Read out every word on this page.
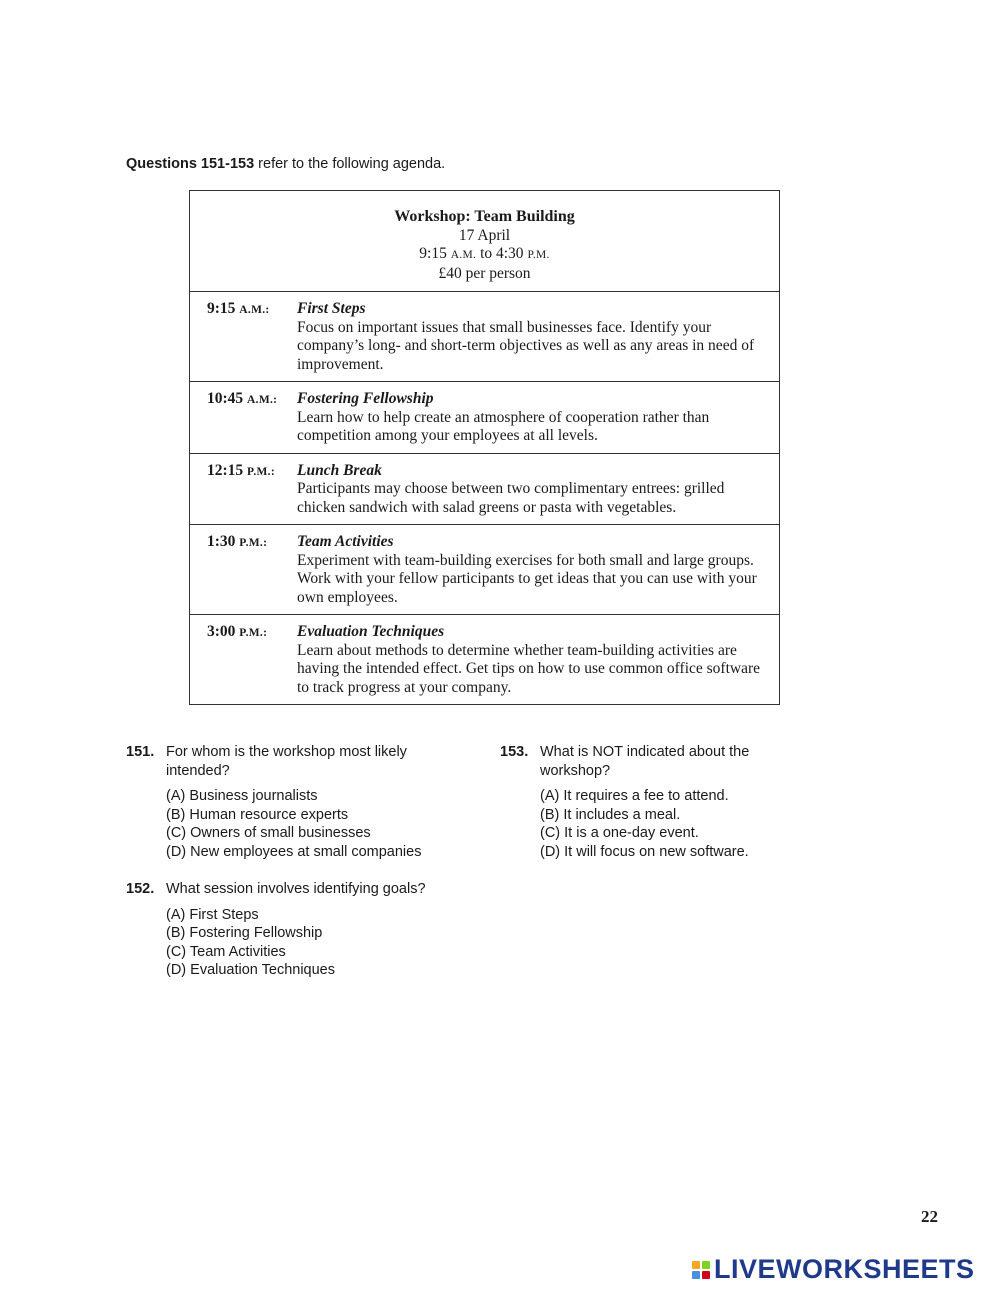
Questions 151-153 refer to the following agenda.
Workshop: Team Building
17 April
9:15 A.M. to 4:30 P.M.
£40 per person
9:15 A.M.:	First Steps
Focus on important issues that small businesses face. Identify your company’s long- and short-term objectives as well as any areas in need of improvement.
10:45 A.M.:	Fostering Fellowship
Learn how to help create an atmosphere of cooperation rather than competition among your employees at all levels.
12:15 P.M.:	Lunch Break
Participants may choose between two complimentary entrees: grilled chicken sandwich with salad greens or pasta with vegetables.
1:30 P.M.:	Team Activities
Experiment with team-building exercises for both small and large groups. Work with your fellow participants to get ideas that you can use with your own employees.
3:00 P.M.:	Evaluation Techniques
Learn about methods to determine whether team-building activities are having the intended effect. Get tips on how to use common office software to track progress at your company.
151. For whom is the workshop most likely intended?
(A) Business journalists
(B) Human resource experts
(C) Owners of small businesses
(D) New employees at small companies
152. What session involves identifying goals?
(A) First Steps
(B) Fostering Fellowship
(C) Team Activities
(D) Evaluation Techniques
153. What is NOT indicated about the workshop?
(A) It requires a fee to attend.
(B) It includes a meal.
(C) It is a one-day event.
(D) It will focus on new software.
22
LIVEWORKSHEETS
